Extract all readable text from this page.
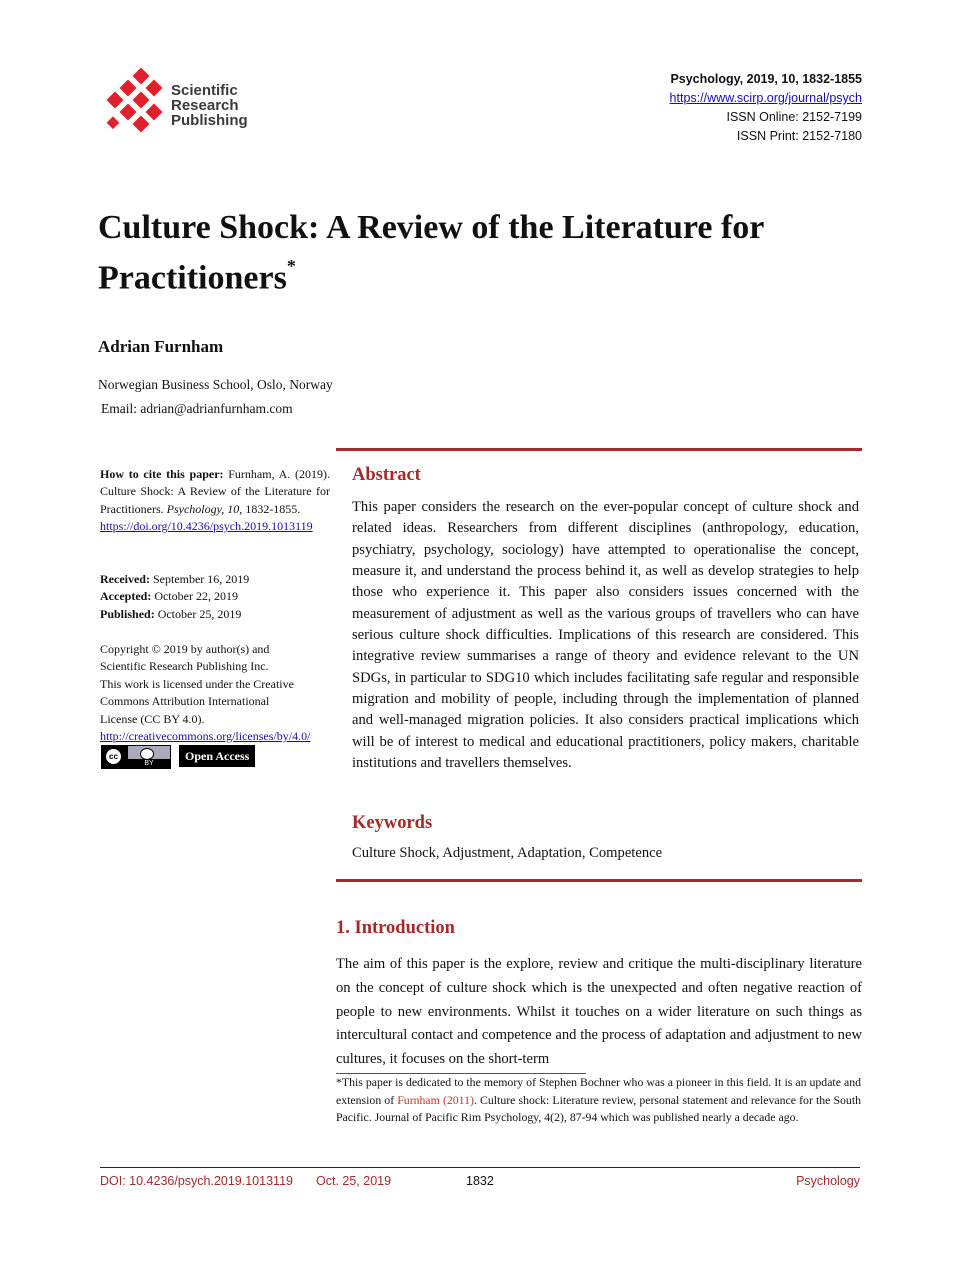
Scientific
Research
Publishing
Psychology, 2019, 10, 1832-1855
https://www.scirp.org/journal/psych
ISSN Online: 2152-7199
ISSN Print: 2152-7180
Culture Shock: A Review of the Literature for
Practitioners*
Adrian Furnham
Norwegian Business School, Oslo, Norway
Email: adrian@adrianfurnham.com
How to cite this paper: Furnham, A. (2019). Culture Shock: A Review of the Literature for Practitioners. Psychology, 10, 1832-1855.
https://doi.org/10.4236/psych.2019.1013119
Received: September 16, 2019
Accepted: October 22, 2019
Published: October 25, 2019
Copyright © 2019 by author(s) and
Scientific Research Publishing Inc.
This work is licensed under the Creative
Commons Attribution International
License (CC BY 4.0).
http://creativecommons.org/licenses/by/4.0/
cc
BY
Open Access
Abstract
This paper considers the research on the ever-popular concept of culture shock and related ideas. Researchers from different disciplines (anthropology, education, psychiatry, psychology, sociology) have attempted to operationalise the concept, measure it, and understand the process behind it, as well as develop strategies to help those who experience it. This paper also considers issues concerned with the measurement of adjustment as well as the various groups of travellers who can have serious culture shock difficulties. Implications of this research are considered. This integrative review summarises a range of theory and evidence relevant to the UN SDGs, in particular to SDG10 which includes facilitating safe regular and responsible migration and mobility of people, including through the implementation of planned and well-managed migration policies. It also considers practical implications which will be of interest to medical and educational practitioners, policy makers, charitable institutions and travellers themselves.
Keywords
Culture Shock, Adjustment, Adaptation, Competence
1. Introduction
The aim of this paper is the explore, review and critique the multi-disciplinary literature on the concept of culture shock which is the unexpected and often negative reaction of people to new environments. Whilst it touches on a wider literature on such things as intercultural contact and competence and the process of adaptation and adjustment to new cultures, it focuses on the short-term
*This paper is dedicated to the memory of Stephen Bochner who was a pioneer in this field. It is an update and extension of Furnham (2011). Culture shock: Literature review, personal statement and relevance for the South Pacific. Journal of Pacific Rim Psychology, 4(2), 87-94 which was published nearly a decade ago.
DOI: 10.4236/psych.2019.1013119 Oct. 25, 2019	1832	Psychology
